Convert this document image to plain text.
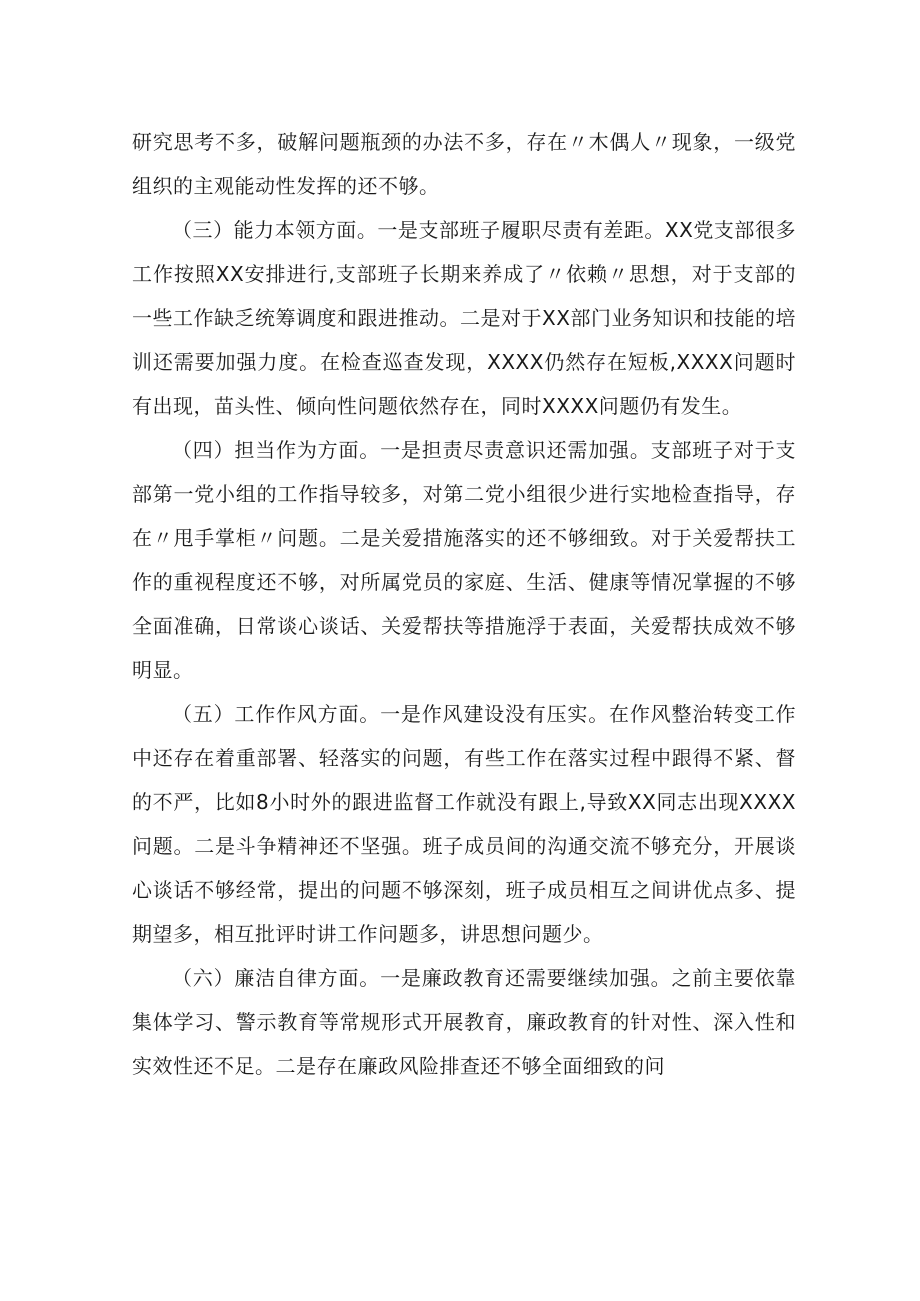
研究思考不多，破解问题瓶颈的办法不多，存在〃木偶人〃现象，一级党组织的主观能动性发挥的还不够。

（三）能力本领方面。一是支部班子履职尽责有差距。XX党支部很多工作按照XX安排进行,支部班子长期来养成了〃依赖〃思想，对于支部的一些工作缺乏统筹调度和跟进推动。二是对于XX部门业务知识和技能的培训还需要加强力度。在检查巡查发现，XXXX仍然存在短板,XXXX问题时有出现，苗头性、倾向性问题依然存在，同时XXXX问题仍有发生。

（四）担当作为方面。一是担责尽责意识还需加强。支部班子对于支部第一党小组的工作指导较多，对第二党小组很少进行实地检查指导，存在〃甩手掌柜〃问题。二是关爱措施落实的还不够细致。对于关爱帮扶工作的重视程度还不够，对所属党员的家庭、生活、健康等情况掌握的不够全面准确，日常谈心谈话、关爱帮扶等措施浮于表面，关爱帮扶成效不够明显。

（五）工作作风方面。一是作风建设没有压实。在作风整治转变工作中还存在着重部署、轻落实的问题，有些工作在落实过程中跟得不紧、督的不严，比如8小时外的跟进监督工作就没有跟上,导致XX同志出现XXXX问题。二是斗争精神还不坚强。班子成员间的沟通交流不够充分，开展谈心谈话不够经常，提出的问题不够深刻，班子成员相互之间讲优点多、提期望多，相互批评时讲工作问题多，讲思想问题少。

（六）廉洁自律方面。一是廉政教育还需要继续加强。之前主要依靠集体学习、警示教育等常规形式开展教育，廉政教育的针对性、深入性和实效性还不足。二是存在廉政风险排查还不够全面细致的问
